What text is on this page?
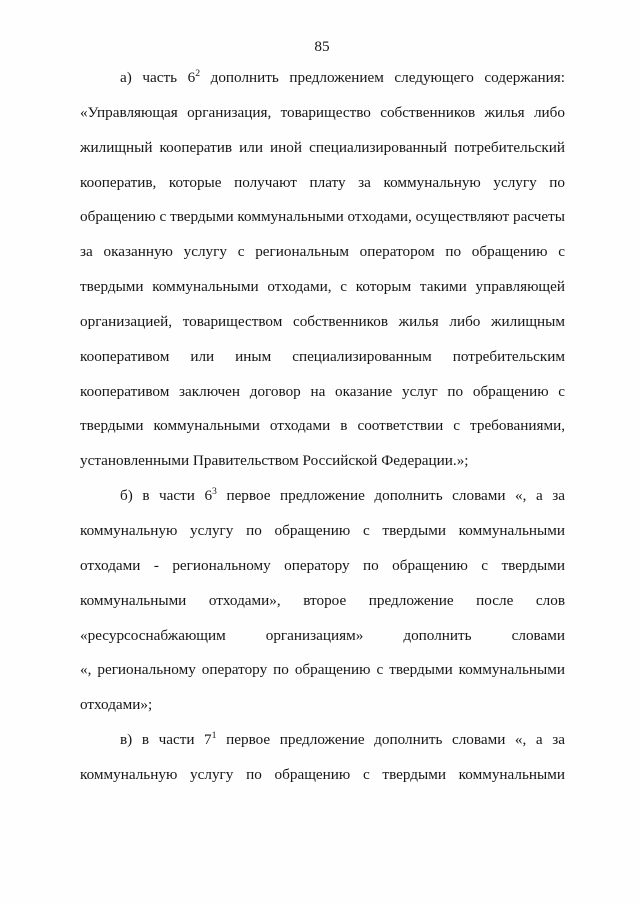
85
а) часть $6^2$ дополнить предложением следующего содержания:
«Управляющая организация, товарищество собственников жилья либо
жилищный кооператив или иной специализированный потребительский
кооператив, которые получают плату за коммунальную услугу по
обращению с твердыми коммунальными отходами, осуществляют расчеты
за оказанную услугу с региональным оператором по обращению с
твердыми коммунальными отходами, с которым такими управляющей
организацией, товариществом собственников жилья либо жилищным
кооперативом или иным специализированным потребительским
кооперативом заключен договор на оказание услуг по обращению с
твердыми коммунальными отходами в соответствии с требованиями,
установленными Правительством Российской Федерации.»;
б) в части $6^3$ первое предложение дополнить словами «, а за
коммунальную услугу по обращению с твердыми коммунальными
отходами - региональному оператору по обращению с твердыми
коммунальными отходами», второе предложение после слов
«ресурсоснабжающим организациям» дополнить словами
«, региональному оператору по обращению с твердыми коммунальными
отходами»;
в) в части $7^1$ первое предложение дополнить словами «, а за
коммунальную услугу по обращению с твердыми коммунальными
